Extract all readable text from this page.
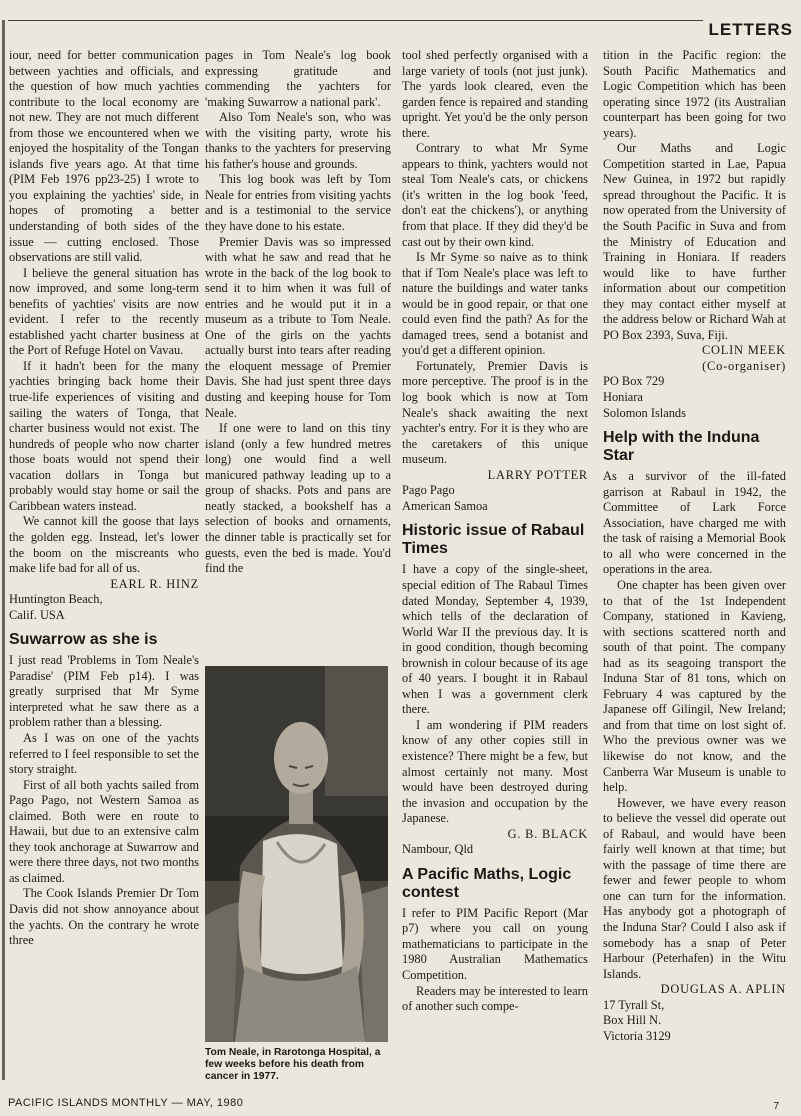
LETTERS

iour, need for better communication between yachties and officials, and the question of how much yachties contribute to the local economy are not new. They are not much different from those we encountered when we enjoyed the hospitality of the Tongan islands five years ago. At that time (PIM Feb 1976 pp23-25) I wrote to you explaining the yachties' side, in hopes of promoting a better understanding of both sides of the issue — cutting enclosed. Those observations are still valid.

I believe the general situation has now improved, and some long-term benefits of yachties' visits are now evident. I refer to the recently established yacht charter business at the Port of Refuge Hotel on Vavau.

If it hadn't been for the many yachties bringing back home their true-life experiences of visiting and sailing the waters of Tonga, that charter business would not exist. The hundreds of people who now charter those boats would not spend their vacation dollars in Tonga but probably would stay home or sail the Caribbean waters instead.

We cannot kill the goose that lays the golden egg. Instead, let's lower the boom on the miscreants who make life bad for all of us.

EARL R. HINZ

Huntington Beach,

Calif. USA

Suwarrow as she is

I just read 'Problems in Tom Neale's Paradise' (PIM Feb p14). I was greatly surprised that Mr Syme interpreted what he saw there as a problem rather than a blessing.

As I was on one of the yachts referred to I feel responsible to set the story straight.

First of all both yachts sailed from Pago Pago, not Western Samoa as claimed. Both were en route to Hawaii, but due to an extensive calm they took anchorage at Suwarrow and were there three days, not two months as claimed.

The Cook Islands Premier Dr Tom Davis did not show annoyance about the yachts. On the contrary he wrote three

pages in Tom Neale's log book expressing gratitude and commending the yachters for 'making Suwarrow a national park'.

Also Tom Neale's son, who was with the visiting party, wrote his thanks to the yachters for preserving his father's house and grounds.

This log book was left by Tom Neale for entries from visiting yachts and is a testimonial to the service they have done to his estate.

Premier Davis was so impressed with what he saw and read that he wrote in the back of the log book to send it to him when it was full of entries and he would put it in a museum as a tribute to Tom Neale. One of the girls on the yachts actually burst into tears after reading the eloquent message of Premier Davis. She had just spent three days dusting and keeping house for Tom Neale.

If one were to land on this tiny island (only a few hundred metres long) one would find a well manicured pathway leading up to a group of shacks. Pots and pans are neatly stacked, a bookshelf has a selection of books and ornaments, the dinner table is practically set for guests, even the bed is made. You'd find the

Tom Neale, in Rarotonga Hospital, a few weeks before his death from cancer in 1977.

tool shed perfectly organised with a large variety of tools (not just junk). The yards look cleared, even the garden fence is repaired and standing upright. Yet you'd be the only person there.

Contrary to what Mr Syme appears to think, yachters would not steal Tom Neale's cats, or chickens (it's written in the log book 'feed, don't eat the chickens'), or anything from that place. If they did they'd be cast out by their own kind.

Is Mr Syme so naive as to think that if Tom Neale's place was left to nature the buildings and water tanks would be in good repair, or that one could even find the path? As for the damaged trees, send a botanist and you'd get a different opinion.

Fortunately, Premier Davis is more perceptive. The proof is in the log book which is now at Tom Neale's shack awaiting the next yachter's entry. For it is they who are the caretakers of this unique museum.

LARRY POTTER

Pago Pago

American Samoa

Historic issue of Rabaul Times

I have a copy of the single-sheet, special edition of The Rabaul Times dated Monday, September 4, 1939, which tells of the declaration of World War II the previous day. It is in good condition, though becoming brownish in colour because of its age of 40 years. I bought it in Rabaul when I was a government clerk there.

I am wondering if PIM readers know of any other copies still in existence? There might be a few, but almost certainly not many. Most would have been destroyed during the invasion and occupation by the Japanese.

G. B. BLACK

Nambour, Qld

A Pacific Maths, Logic contest

I refer to PIM Pacific Report (Mar p7) where you call on young mathematicians to participate in the 1980 Australian Mathematics Competition.

Readers may be interested to learn of another such compe-

tition in the Pacific region: the South Pacific Mathematics and Logic Competition which has been operating since 1972 (its Australian counterpart has been going for two years).

Our Maths and Logic Competition started in Lae, Papua New Guinea, in 1972 but rapidly spread throughout the Pacific. It is now operated from the University of the South Pacific in Suva and from the Ministry of Education and Training in Honiara. If readers would like to have further information about our competition they may contact either myself at the address below or Richard Wah at PO Box 2393, Suva, Fiji.

COLIN MEEK

(Co-organiser)

PO Box 729

Honiara

Solomon Islands

Help with the Induna Star

As a survivor of the ill-fated garrison at Rabaul in 1942, the Committee of Lark Force Association, have charged me with the task of raising a Memorial Book to all who were concerned in the operations in the area.

One chapter has been given over to that of the 1st Independent Company, stationed in Kavieng, with sections scattered north and south of that point. The company had as its seagoing transport the Induna Star of 81 tons, which on February 4 was captured by the Japanese off Gilingil, New Ireland; and from that time on lost sight of. Who the previous owner was we likewise do not know, and the Canberra War Museum is unable to help.

However, we have every reason to believe the vessel did operate out of Rabaul, and would have been fairly well known at that time; but with the passage of time there are fewer and fewer people to whom one can turn for the information. Has anybody got a photograph of the Induna Star? Could I also ask if somebody has a snap of Peter Harbour (Peterhafen) in the Witu Islands.

DOUGLAS A. APLIN

17 Tyrall St,

Box Hill N.

Victoria 3129

PACIFIC ISLANDS MONTHLY — MAY, 1980	7
